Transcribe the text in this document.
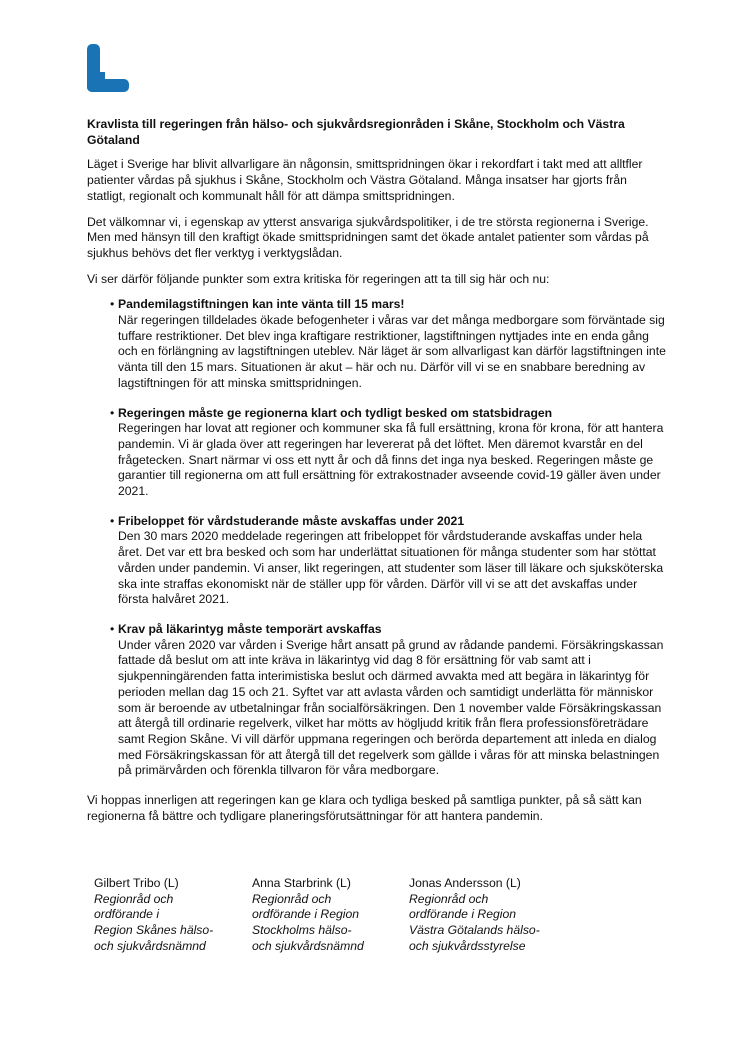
Kravlista till regeringen från hälso- och sjukvårdsregionråden i Skåne, Stockholm och Västra Götaland

Läget i Sverige har blivit allvarligare än någonsin, smittspridningen ökar i rekordfart i takt med att alltfler patienter vårdas på sjukhus i Skåne, Stockholm och Västra Götaland. Många insatser har gjorts från statligt, regionalt och kommunalt håll för att dämpa smittspridningen.

Det välkomnar vi, i egenskap av ytterst ansvariga sjukvårdspolitiker, i de tre största regionerna i Sverige. Men med hänsyn till den kraftigt ökade smittspridningen samt det ökade antalet patienter som vårdas på sjukhus behövs det fler verktyg i verktygslådan.

Vi ser därför följande punkter som extra kritiska för regeringen att ta till sig här och nu:

• Pandemilagstiftningen kan inte vänta till 15 mars!
När regeringen tilldelades ökade befogenheter i våras var det många medborgare som förväntade sig tuffare restriktioner. Det blev inga kraftigare restriktioner, lagstiftningen nyttjades inte en enda gång och en förlängning av lagstiftningen uteblev. När läget är som allvarligast kan därför lagstiftningen inte vänta till den 15 mars. Situationen är akut – här och nu. Därför vill vi se en snabbare beredning av lagstiftningen för att minska smittspridningen.
• Regeringen måste ge regionerna klart och tydligt besked om statsbidragen
Regeringen har lovat att regioner och kommuner ska få full ersättning, krona för krona, för att hantera pandemin. Vi är glada över att regeringen har levererat på det löftet. Men däremot kvarstår en del frågetecken. Snart närmar vi oss ett nytt år och då finns det inga nya besked. Regeringen måste ge garantier till regionerna om att full ersättning för extrakostnader avseende covid-19 gäller även under 2021.
• Fribeloppet för vårdstuderande måste avskaffas under 2021
Den 30 mars 2020 meddelade regeringen att fribeloppet för vårdstuderande avskaffas under hela året. Det var ett bra besked och som har underlättat situationen för många studenter som har stöttat vården under pandemin. Vi anser, likt regeringen, att studenter som läser till läkare och sjuksköterska ska inte straffas ekonomiskt när de ställer upp för vården. Därför vill vi se att det avskaffas under första halvåret 2021.
• Krav på läkarintyg måste temporärt avskaffas
Under våren 2020 var vården i Sverige hårt ansatt på grund av rådande pandemi. Försäkringskassan fattade då beslut om att inte kräva in läkarintyg vid dag 8 för ersättning för vab samt att i sjukpenningärenden fatta interimistiska beslut och därmed avvakta med att begära in läkarintyg för perioden mellan dag 15 och 21. Syftet var att avlasta vården och samtidigt underlätta för människor som är beroende av utbetalningar från socialförsäkringen. Den 1 november valde Försäkringskassan att återgå till ordinarie regelverk, vilket har mötts av högljudd kritik från flera professionsföreträdare samt Region Skåne. Vi vill därför uppmana regeringen och berörda departement att inleda en dialog med Försäkringskassan för att återgå till det regelverk som gällde i våras för att minska belastningen på primärvården och förenkla tillvaron för våra medborgare.

Vi hoppas innerligen att regeringen kan ge klara och tydliga besked på samtliga punkter, på så sätt kan regionerna få bättre och tydligare planeringsförutsättningar för att hantera pandemin.

Gilbert Tribo (L)
Regionråd och
ordförande i
Region Skånes hälso-
och sjukvårdsnämnd
Anna Starbrink (L)
Regionråd och
ordförande i Region
Stockholms hälso-
och sjukvårdsnämnd
Jonas Andersson (L)
Regionråd och
ordförande i Region
Västra Götalands hälso-
och sjukvårdsstyrelse
